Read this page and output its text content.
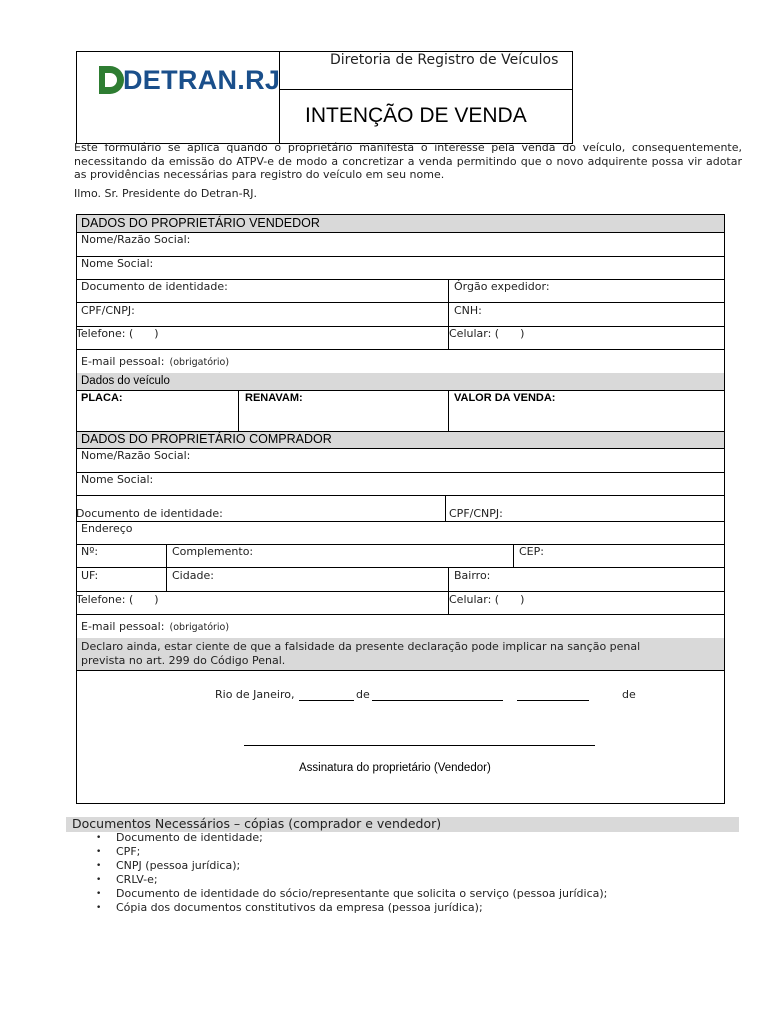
DETRAN.RJ
Diretoria de Registro de Veículos
INTENÇÃO DE VENDA
Este formulário se aplica quando o proprietário manifesta o interesse pela venda do veículo, consequentemente, necessitando da emissão do ATPV-e de modo a concretizar a venda permitindo que o novo adquirente possa vir adotar as providências necessárias para registro do veículo em seu nome.
Ilmo. Sr. Presidente do Detran-RJ.
DADOS DO PROPRIETÁRIO VENDEDOR
Nome/Razão Social:
Nome Social:
Documento de identidade:	Órgão expedidor:
CPF/CNPJ:	CNH:
Telefone: (      )	Celular: (      )
E-mail pessoal: (obrigatório)
Dados do veículo
PLACA:	RENAVAM:	VALOR DA VENDA:
DADOS DO PROPRIETÁRIO COMPRADOR
Nome/Razão Social:
Nome Social:
Documento de identidade:	CPF/CNPJ:
Endereço
Nº:	Complemento:	CEP:
UF:	Cidade:	Bairro:
Telefone: (      )	Celular: (      )
E-mail pessoal: (obrigatório)
Declaro ainda, estar ciente de que a falsidade da presente declaração pode implicar na sanção penal prevista no art. 299 do Código Penal.
Rio de Janeiro,	de	de
Assinatura do proprietário (Vendedor)
Documentos Necessários – cópias (comprador e vendedor)
• Documento de identidade;
• CPF;
• CNPJ (pessoa jurídica);
• CRLV-e;
• Documento de identidade do sócio/representante que solicita o serviço (pessoa jurídica);
• Cópia dos documentos constitutivos da empresa (pessoa jurídica);
